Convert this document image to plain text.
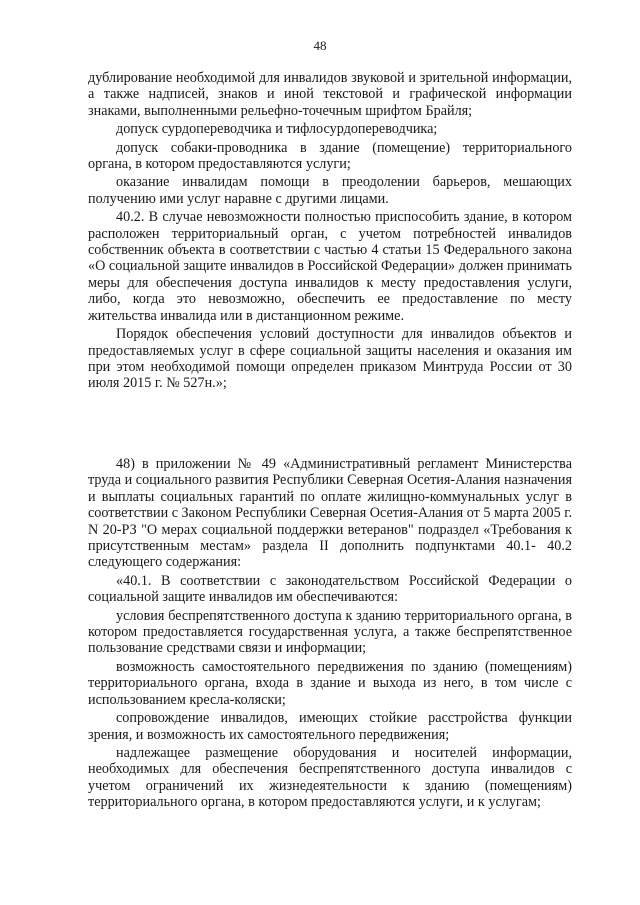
48

дублирование необходимой для инвалидов звуковой и зрительной информации, а также надписей, знаков и иной текстовой и графической информации знаками, выполненными рельефно-точечным шрифтом Брайля;

допуск сурдопереводчика и тифлосурдопереводчика;

допуск собаки-проводника в здание (помещение) территориального органа, в котором предоставляются услуги;

оказание инвалидам помощи в преодолении барьеров, мешающих получению ими услуг наравне с другими лицами.

40.2. В случае невозможности полностью приспособить здание, в котором расположен территориальный орган, с учетом потребностей инвалидов собственник объекта в соответствии с частью 4 статьи 15 Федерального закона «О социальной защите инвалидов в Российской Федерации» должен принимать меры для обеспечения доступа инвалидов к месту предоставления услуги, либо, когда это невозможно, обеспечить ее предоставление по месту жительства инвалида или в дистанционном режиме.

Порядок обеспечения условий доступности для инвалидов объектов и предоставляемых услуг в сфере социальной защиты населения и оказания им при этом необходимой помощи определен приказом Минтруда России от 30 июля 2015 г. № 527н.»;

48) в приложении № 49 «Административный регламент Министерства труда и социального развития Республики Северная Осетия-Алания назначения и выплаты социальных гарантий по оплате жилищно-коммунальных услуг в соответствии с Законом Республики Северная Осетия-Алания от 5 марта 2005 г. N 20-РЗ "О мерах социальной поддержки ветеранов" подраздел «Требования к присутственным местам» раздела II дополнить подпунктами 40.1- 40.2 следующего содержания:

«40.1. В соответствии с законодательством Российской Федерации о социальной защите инвалидов им обеспечиваются:

условия беспрепятственного доступа к зданию территориального органа, в котором предоставляется государственная услуга, а также беспрепятственное пользование средствами связи и информации;

возможность самостоятельного передвижения по зданию (помещениям) территориального органа, входа в здание и выхода из него, в том числе с использованием кресла-коляски;

сопровождение инвалидов, имеющих стойкие расстройства функции зрения, и возможность их самостоятельного передвижения;

надлежащее размещение оборудования и носителей информации, необходимых для обеспечения беспрепятственного доступа инвалидов с учетом ограничений их жизнедеятельности к зданию (помещениям) территориального органа, в котором предоставляются услуги, и к услугам;
